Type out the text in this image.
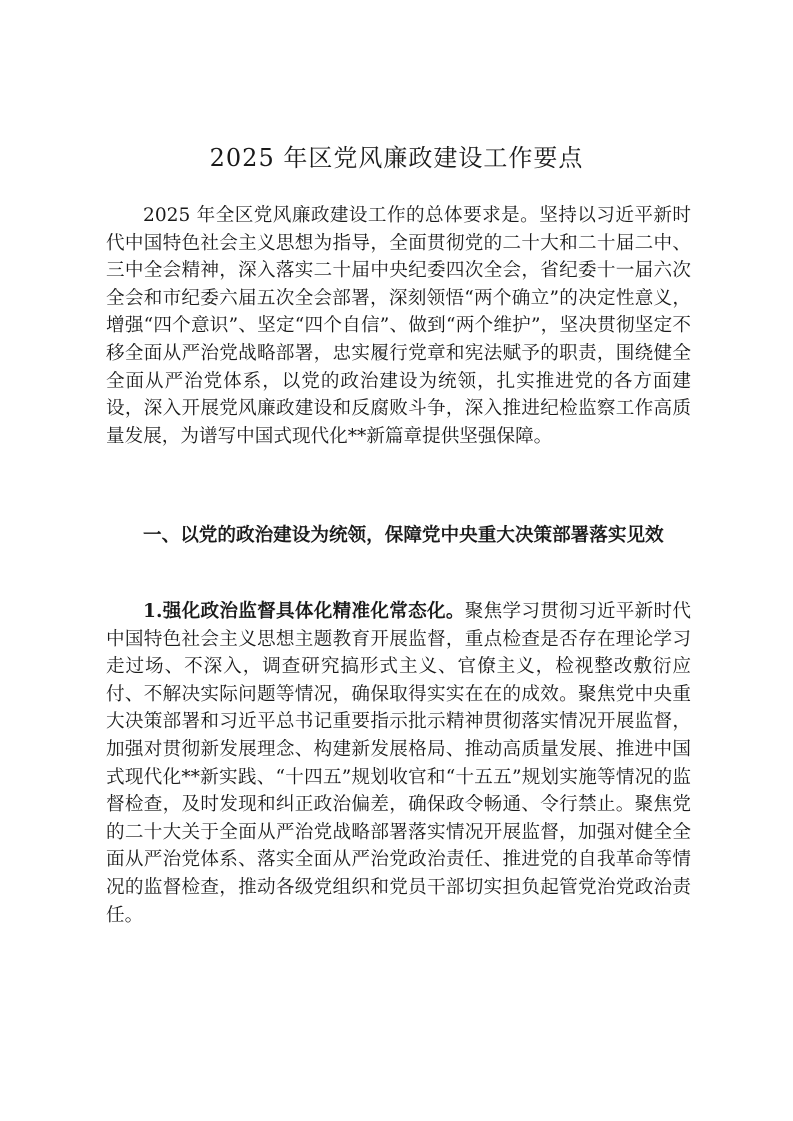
2025 年区党风廉政建设工作要点

2025 年全区党风廉政建设工作的总体要求是。坚持以习近平新时代中国特色社会主义思想为指导，全面贯彻党的二十大和二十届二中、三中全会精神，深入落实二十届中央纪委四次全会，省纪委十一届六次全会和市纪委六届五次全会部署，深刻领悟“两个确立”的决定性意义，增强“四个意识”、坚定“四个自信”、做到“两个维护”，坚决贯彻坚定不移全面从严治党战略部署，忠实履行党章和宪法赋予的职责，围绕健全全面从严治党体系，以党的政治建设为统领，扎实推进党的各方面建设，深入开展党风廉政建设和反腐败斗争，深入推进纪检监察工作高质量发展，为谱写中国式现代化**新篇章提供坚强保障。

一、以党的政治建设为统领，保障党中央重大决策部署落实见效

1.强化政治监督具体化精准化常态化。聚焦学习贯彻习近平新时代中国特色社会主义思想主题教育开展监督，重点检查是否存在理论学习走过场、不深入，调查研究搞形式主义、官僚主义，检视整改敷衍应付、不解决实际问题等情况，确保取得实实在在的成效。聚焦党中央重大决策部署和习近平总书记重要指示批示精神贯彻落实情况开展监督，加强对贯彻新发展理念、构建新发展格局、推动高质量发展、推进中国式现代化**新实践、“十四五”规划收官和“十五五”规划实施等情况的监督检查，及时发现和纠正政治偏差，确保政令畅通、令行禁止。聚焦党的二十大关于全面从严治党战略部署落实情况开展监督，加强对健全全面从严治党体系、落实全面从严治党政治责任、推进党的自我革命等情况的监督检查，推动各级党组织和党员干部切实担负起管党治党政治责任。
